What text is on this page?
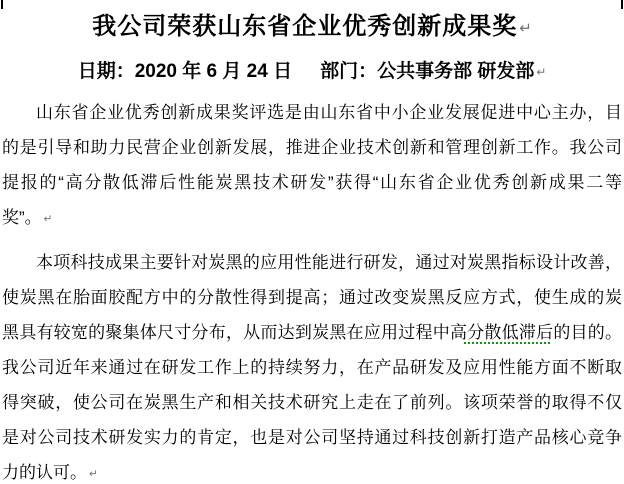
我公司荣获山东省企业优秀创新成果奖 ↵
日期：2020 年 6 月 24 日 部门：公共事务部 研发部 ↵
山东省企业优秀创新成果奖评选是由山东省中小企业发展促进中心主办，目
的是引导和助力民营企业创新发展，推进企业技术创新和管理创新工作。我公司
提报的“高分散低滞后性能炭黑技术研发”获得“山东省企业优秀创新成果二等
奖”。 ↵
本项科技成果主要针对炭黑的应用性能进行研发，通过对炭黑指标设计改善，
使炭黑在胎面胶配方中的分散性得到提高；通过改变炭黑反应方式，使生成的炭
黑具有较宽的聚集体尺寸分布，从而达到炭黑在应用过程中高分散低滞后的目的。
我公司近年来通过在研发工作上的持续努力，在产品研发及应用性能方面不断取
得突破，使公司在炭黑生产和相关技术研究上走在了前列。该项荣誉的取得不仅
是对公司技术研发实力的肯定，也是对公司坚持通过科技创新打造产品核心竞争
力的认可。 ↵
